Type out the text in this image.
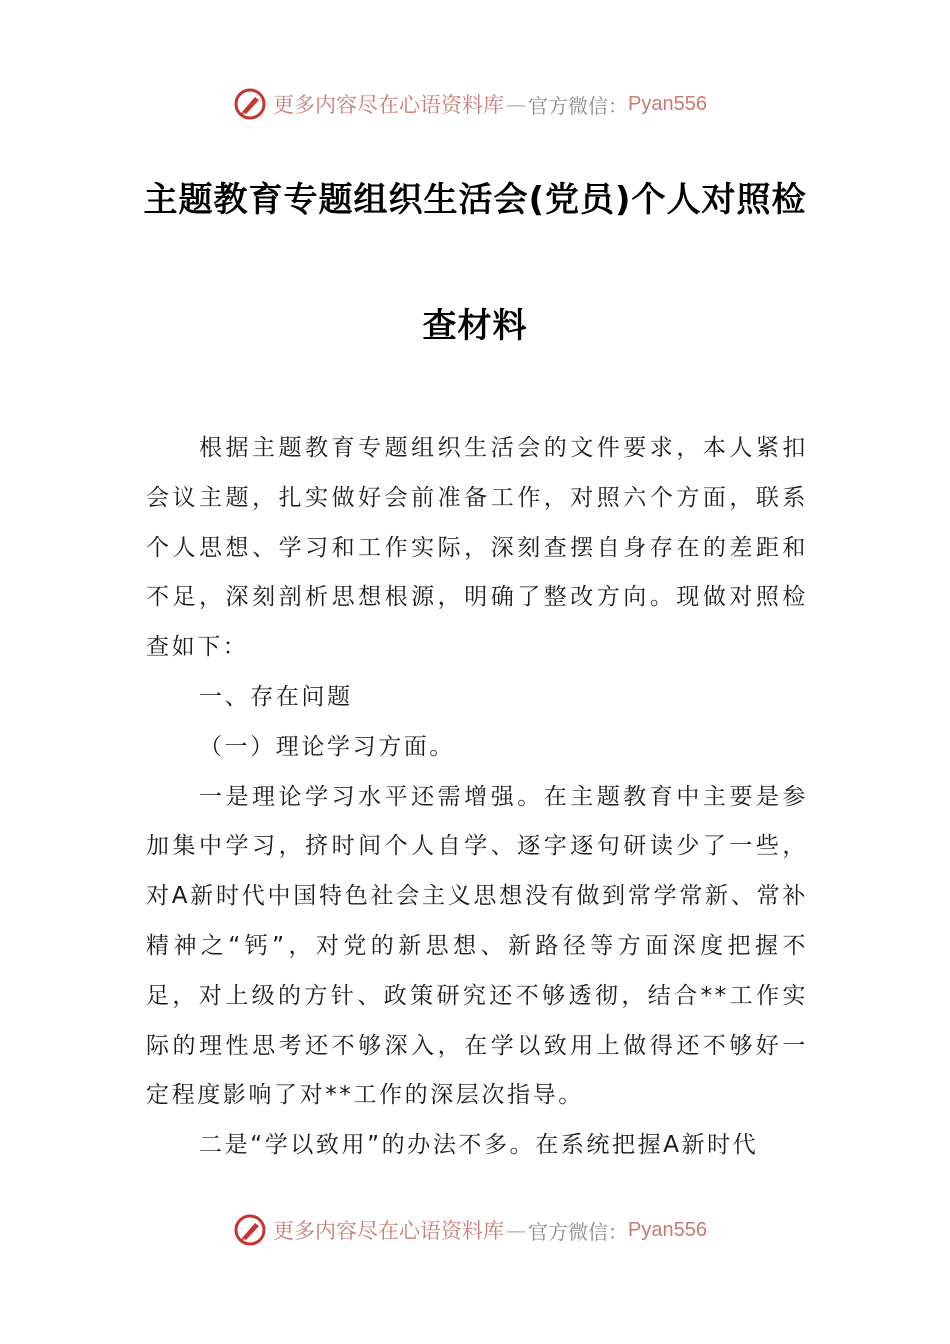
更多内容尽在心语资料库 — 官方微信： Pyan556
主题教育专题组织生活会(党员)个人对照检
查材料

根据主题教育专题组织生活会的文件要求，本人紧扣会议主题，扎实做好会前准备工作，对照六个方面，联系个人思想、学习和工作实际，深刻查摆自身存在的差距和不足，深刻剖析思想根源，明确了整改方向。现做对照检查如下：

一、存在问题

（一）理论学习方面。

一是理论学习水平还需增强。在主题教育中主要是参加集中学习，挤时间个人自学、逐字逐句研读少了一些，对A新时代中国特色社会主义思想没有做到常学常新、常补精神之“钙”，对党的新思想、新路径等方面深度把握不足，对上级的方针、政策研究还不够透彻，结合**工作实际的理性思考还不够深入，在学以致用上做得还不够好一定程度影响了对**工作的深层次指导。

二是“学以致用”的办法不多。在系统把握A新时代

更多内容尽在心语资料库 — 官方微信： Pyan556
